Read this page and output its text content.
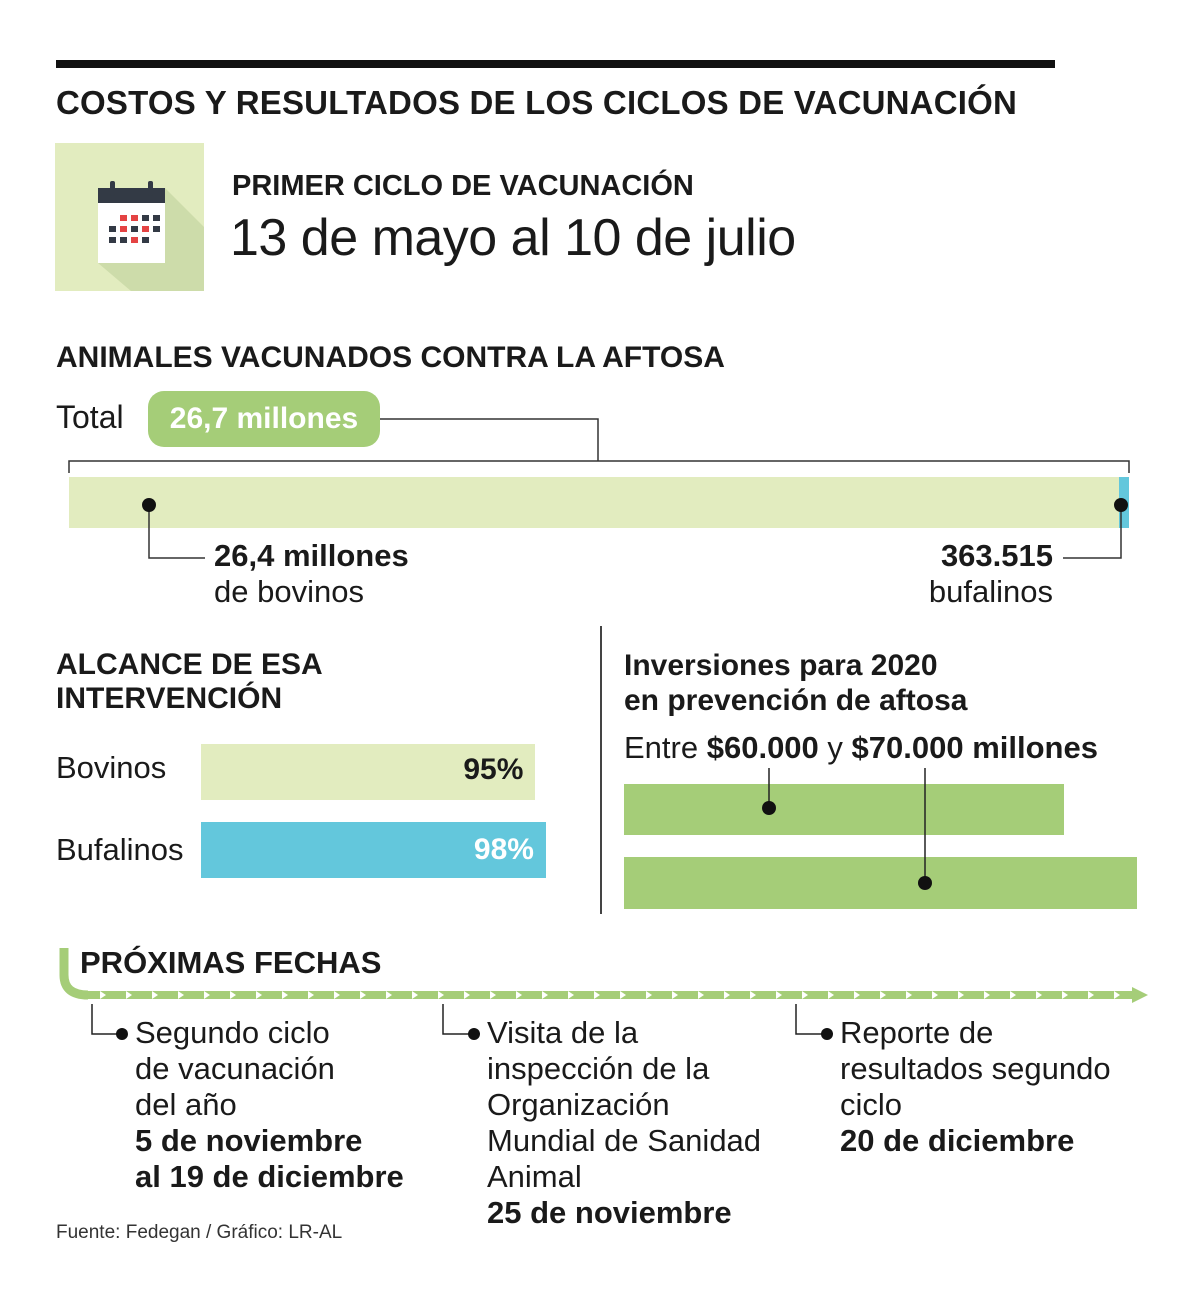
COSTOS Y RESULTADOS DE LOS CICLOS DE VACUNACIÓN
PRIMER CICLO DE VACUNACIÓN
13 de mayo al 10 de julio
ANIMALES VACUNADOS CONTRA LA AFTOSA
Total	26,7 millones
26,4 millones
de bovinos
363.515
bufalinos
ALCANCE DE ESA INTERVENCIÓN
Bovinos	95%
Bufalinos	98%
Inversiones para 2020
en prevención de aftosa
Entre $60.000 y $70.000 millones
PRÓXIMAS FECHAS
Segundo ciclo
de vacunación
del año
5 de noviembre
al 19 de diciembre
Visita de la
inspección de la
Organización
Mundial de Sanidad
Animal
25 de noviembre
Reporte de
resultados segundo
ciclo
20 de diciembre
Fuente: Fedegan / Gráfico: LR-AL
